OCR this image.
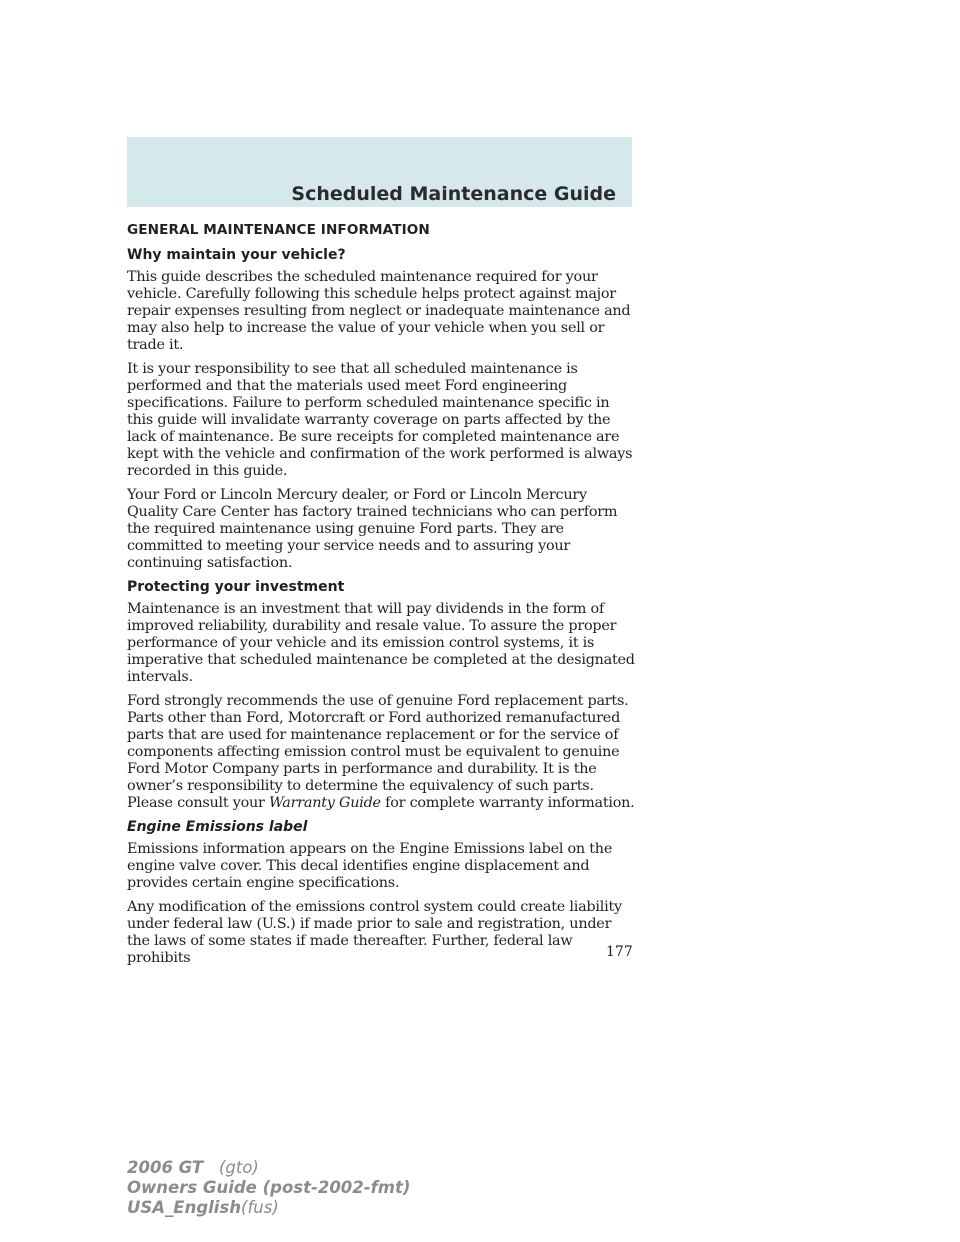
Scheduled Maintenance Guide
GENERAL MAINTENANCE INFORMATION
Why maintain your vehicle?

This guide describes the scheduled maintenance required for your vehicle. Carefully following this schedule helps protect against major repair expenses resulting from neglect or inadequate maintenance and may also help to increase the value of your vehicle when you sell or trade it.

It is your responsibility to see that all scheduled maintenance is performed and that the materials used meet Ford engineering specifications. Failure to perform scheduled maintenance specific in this guide will invalidate warranty coverage on parts affected by the lack of maintenance. Be sure receipts for completed maintenance are kept with the vehicle and confirmation of the work performed is always recorded in this guide.

Your Ford or Lincoln Mercury dealer, or Ford or Lincoln Mercury Quality Care Center has factory trained technicians who can perform the required maintenance using genuine Ford parts. They are committed to meeting your service needs and to assuring your continuing satisfaction.

Protecting your investment

Maintenance is an investment that will pay dividends in the form of improved reliability, durability and resale value. To assure the proper performance of your vehicle and its emission control systems, it is imperative that scheduled maintenance be completed at the designated intervals.

Ford strongly recommends the use of genuine Ford replacement parts. Parts other than Ford, Motorcraft or Ford authorized remanufactured parts that are used for maintenance replacement or for the service of components affecting emission control must be equivalent to genuine Ford Motor Company parts in performance and durability. It is the owner’s responsibility to determine the equivalency of such parts. Please consult your Warranty Guide for complete warranty information.

Engine Emissions label

Emissions information appears on the Engine Emissions label on the engine valve cover. This decal identifies engine displacement and provides certain engine specifications.

Any modification of the emissions control system could create liability under federal law (U.S.) if made prior to sale and registration, under the laws of some states if made thereafter. Further, federal law prohibits	177
2006 GT (gto)
Owners Guide (post-2002-fmt)
USA_English(fus)
